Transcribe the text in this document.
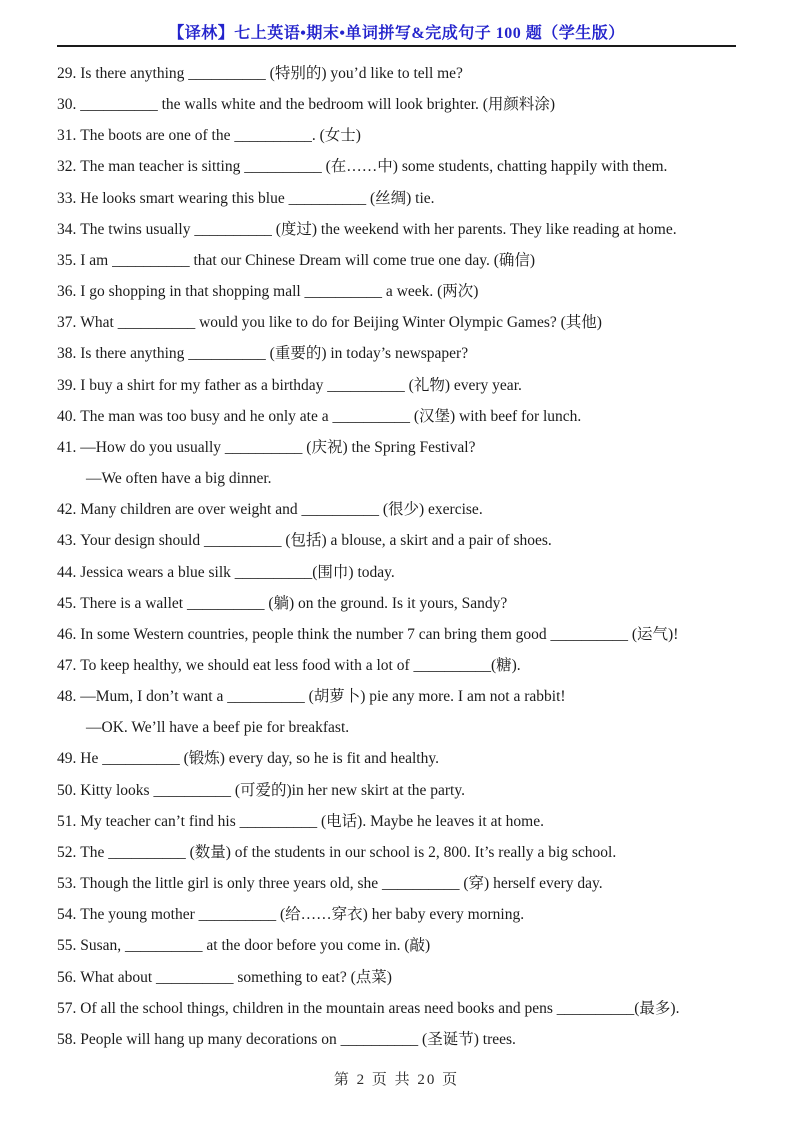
【译林】七上英语•期末•单词拼写&完成句子 100 题（学生版）
29. Is there anything __________ (特别的) you’d like to tell me?
30. __________ the walls white and the bedroom will look brighter. (用颜料涂)
31. The boots are one of the __________. (女士)
32. The man teacher is sitting __________ (在……中) some students, chatting happily with them.
33. He looks smart wearing this blue __________ (丝绸) tie.
34. The twins usually __________ (度过) the weekend with her parents. They like reading at home.
35. I am __________ that our Chinese Dream will come true one day. (确信)
36. I go shopping in that shopping mall __________ a week. (两次)
37. What __________ would you like to do for Beijing Winter Olympic Games? (其他)
38. Is there anything __________ (重要的) in today’s newspaper?
39. I buy a shirt for my father as a birthday __________ (礼物) every year.
40. The man was too busy and he only ate a __________ (汉堡) with beef for lunch.
41. —How do you usually __________ (庆祝) the Spring Festival?
—We often have a big dinner.
42. Many children are over weight and __________ (很少) exercise.
43. Your design should __________ (包括) a blouse, a skirt and a pair of shoes.
44. Jessica wears a blue silk __________(围巾) today.
45. There is a wallet __________ (躺) on the ground. Is it yours, Sandy?
46. In some Western countries, people think the number 7 can bring them good __________ (运气)!
47. To keep healthy, we should eat less food with a lot of __________(糖).
48. —Mum, I don’t want a __________ (胡萝卜) pie any more. I am not a rabbit!
—OK. We’ll have a beef pie for breakfast.
49. He __________ (锻炼) every day, so he is fit and healthy.
50. Kitty looks __________ (可爱的)in her new skirt at the party.
51. My teacher can’t find his __________ (电话). Maybe he leaves it at home.
52. The __________ (数量) of the students in our school is 2, 800. It’s really a big school.
53. Though the little girl is only three years old, she __________ (穿) herself every day.
54. The young mother __________ (给……穿衣) her baby every morning.
55. Susan, __________ at the door before you come in. (敲)
56. What about __________ something to eat? (点菜)
57. Of all the school things, children in the mountain areas need books and pens __________(最多).
58. People will hang up many decorations on __________ (圣诞节) trees.
第 2 页 共 20 页
